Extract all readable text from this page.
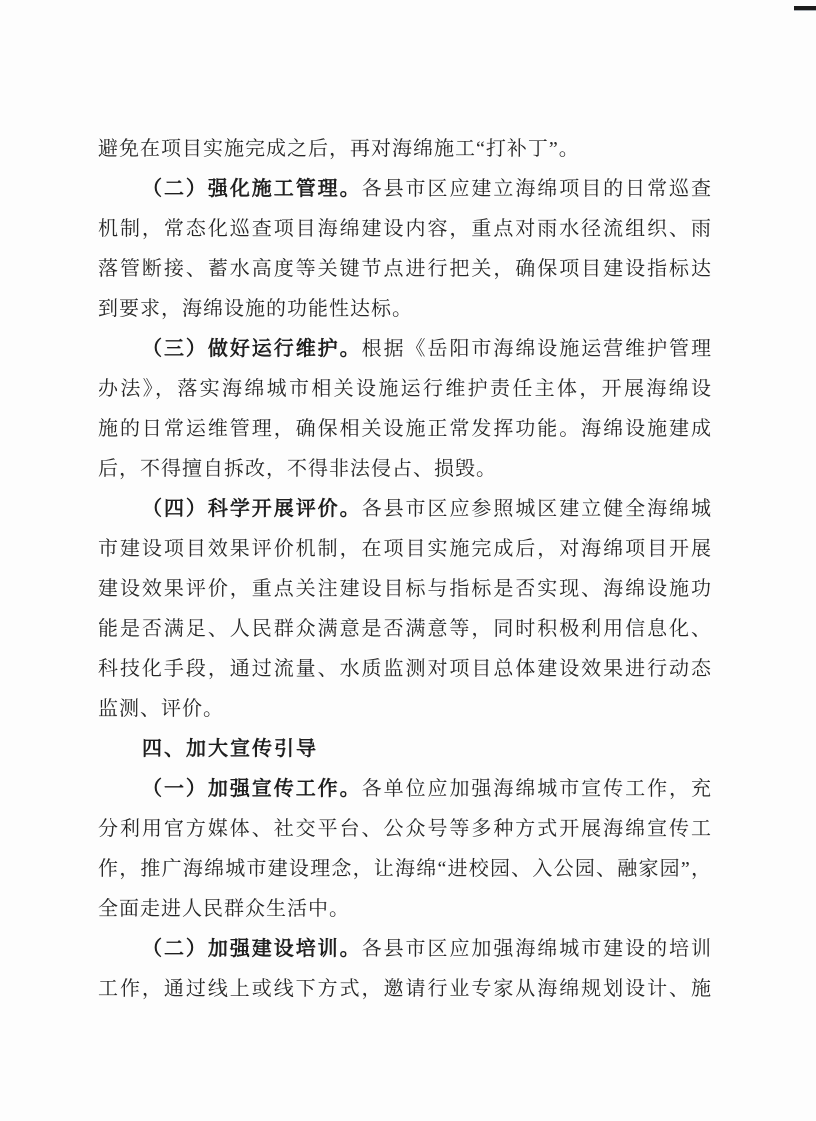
避免在项目实施完成之后，再对海绵施工“打补丁”。
（二）强化施工管理。各县市区应建立海绵项目的日常巡查
机制，常态化巡查项目海绵建设内容，重点对雨水径流组织、雨
落管断接、蓄水高度等关键节点进行把关，确保项目建设指标达
到要求，海绵设施的功能性达标。
（三）做好运行维护。根据《岳阳市海绵设施运营维护管理
办法》，落实海绵城市相关设施运行维护责任主体，开展海绵设
施的日常运维管理，确保相关设施正常发挥功能。海绵设施建成
后，不得擅自拆改，不得非法侵占、损毁。
（四）科学开展评价。各县市区应参照城区建立健全海绵城
市建设项目效果评价机制，在项目实施完成后，对海绵项目开展
建设效果评价，重点关注建设目标与指标是否实现、海绵设施功
能是否满足、人民群众满意是否满意等，同时积极利用信息化、
科技化手段，通过流量、水质监测对项目总体建设效果进行动态
监测、评价。
四、加大宣传引导
（一）加强宣传工作。各单位应加强海绵城市宣传工作，充
分利用官方媒体、社交平台、公众号等多种方式开展海绵宣传工
作，推广海绵城市建设理念，让海绵“进校园、入公园、融家园”，
全面走进人民群众生活中。
（二）加强建设培训。各县市区应加强海绵城市建设的培训
工作，通过线上或线下方式，邀请行业专家从海绵规划设计、施
